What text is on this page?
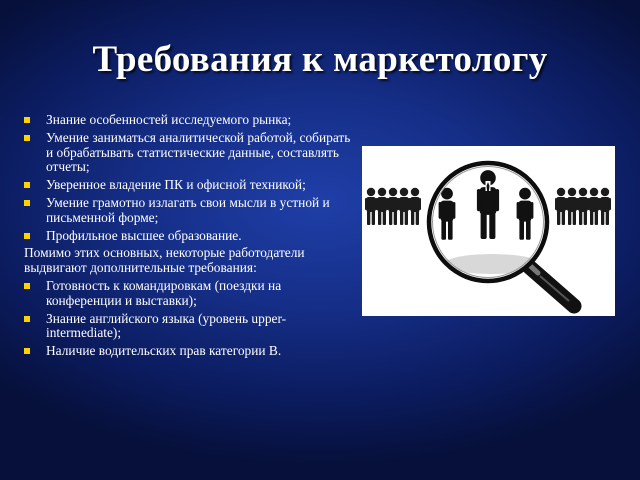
Требования к маркетологу
Знание особенностей исследуемого рынка;
Умение заниматься аналитической работой, собирать и обрабатывать статистические данные, составлять отчеты;
Уверенное владение ПК и офисной техникой;
Умение грамотно излагать свои мысли в устной и письменной форме;
Профильное высшее образование.

Помимо этих основных, некоторые работодатели выдвигают дополнительные требования:

Готовность к командировкам (поездки на конференции и выставки);
Знание английского языка (уровень upper-intermediate);
Наличие водительских прав категории В.
